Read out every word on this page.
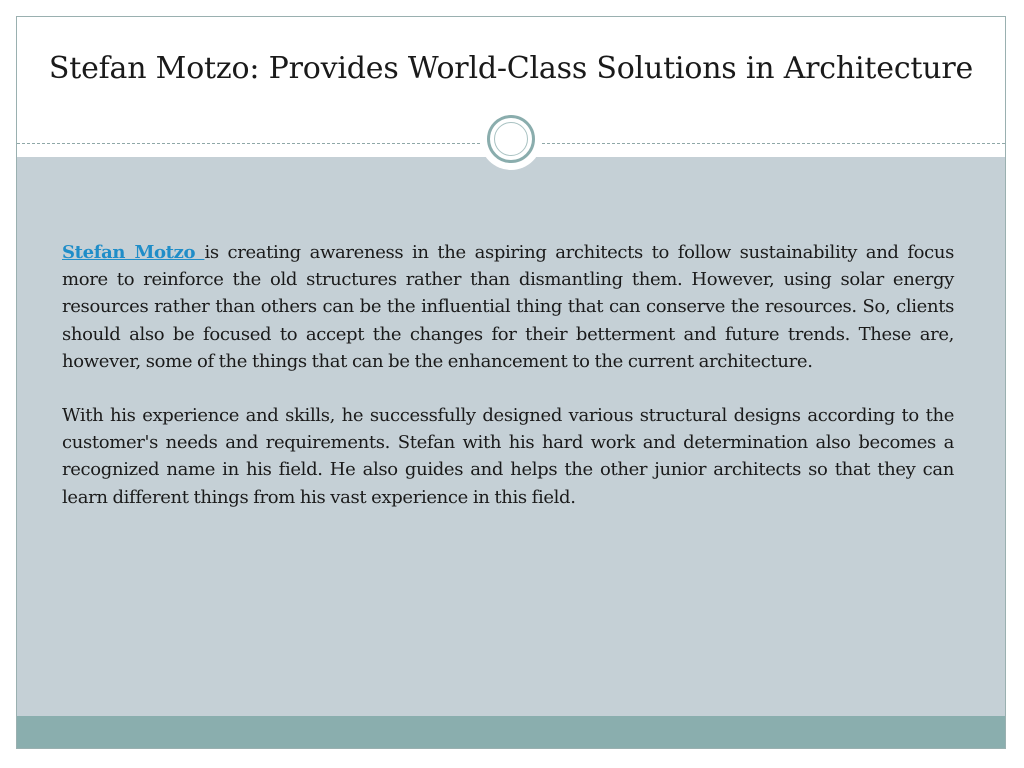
Stefan Motzo: Provides World-Class Solutions in Architecture

Stefan Motzo is creating awareness in the aspiring architects to follow sustainability and focus more to reinforce the old structures rather than dismantling them. However, using solar energy resources rather than others can be the influential thing that can conserve the resources. So, clients should also be focused to accept the changes for their betterment and future trends. These are, however, some of the things that can be the enhancement to the current architecture.

With his experience and skills, he successfully designed various structural designs according to the customer's needs and requirements. Stefan with his hard work and determination also becomes a recognized name in his field. He also guides and helps the other junior architects so that they can learn different things from his vast experience in this field.
